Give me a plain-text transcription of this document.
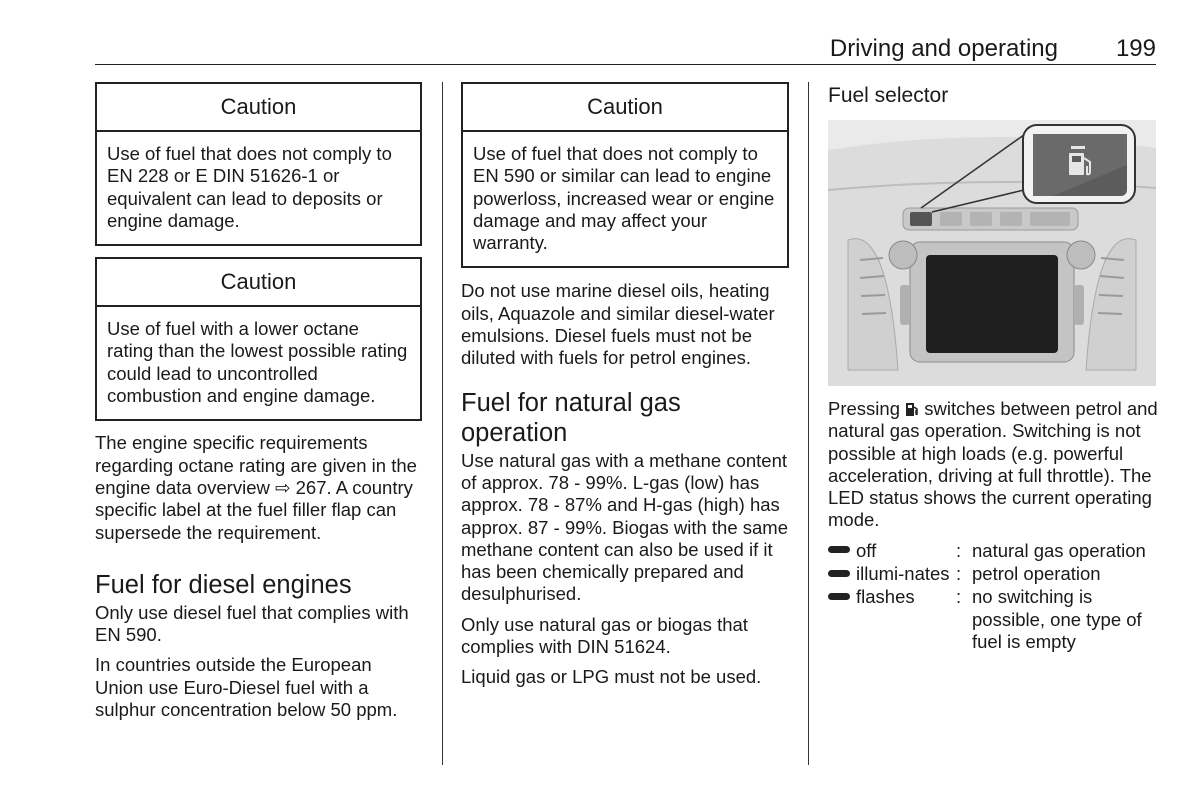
Driving and operating	199
Caution
Use of fuel that does not comply to EN 228 or E DIN 51626-1 or equivalent can lead to deposits or engine damage.
Caution
Use of fuel with a lower octane rating than the lowest possible rating could lead to uncontrolled combustion and engine damage.

The engine specific requirements regarding octane rating are given in the engine data overview ⇨ 267. A country specific label at the fuel filler flap can supersede the requirement.

Fuel for diesel engines

Only use diesel fuel that complies with EN 590.

In countries outside the European Union use Euro-Diesel fuel with a sulphur concentration below 50 ppm.

Caution
Use of fuel that does not comply to EN 590 or similar can lead to engine powerloss, increased wear or engine damage and may affect your warranty.

Do not use marine diesel oils, heating oils, Aquazole and similar diesel-water emulsions. Diesel fuels must not be diluted with fuels for petrol engines.

Fuel for natural gas operation

Use natural gas with a methane content of approx. 78 - 99%. L-gas (low) has approx. 78 - 87% and H-gas (high) has approx. 87 - 99%. Biogas with the same methane content can also be used if it has been chemically prepared and desulphurised.

Only use natural gas or biogas that complies with DIN 51624.

Liquid gas or LPG must not be used.

Fuel selector

Pressing switches between petrol and natural gas operation. Switching is not possible at high loads (e.g. powerful acceleration, driving at full throttle). The LED status shows the current operating mode.

off	: natural gas operation
illumi-nates : petrol operation
flashes	: no switching is possible, one type of fuel is empty
